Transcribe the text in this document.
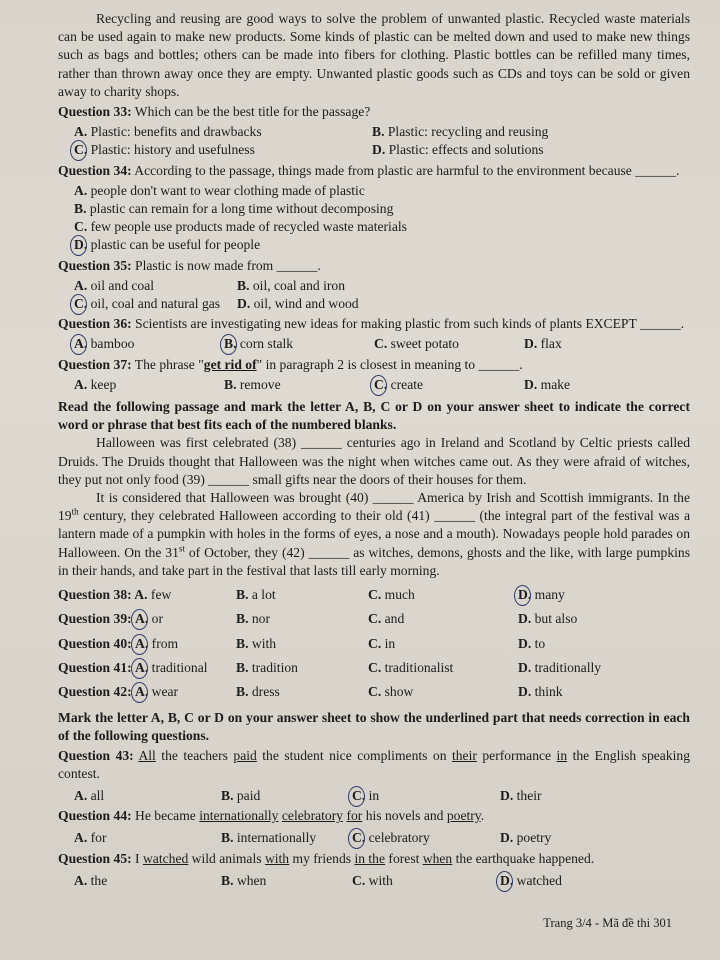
Recycling and reusing are good ways to solve the problem of unwanted plastic. Recycled waste materials can be used again to make new products. Some kinds of plastic can be melted down and used to make new things such as bags and bottles; others can be made into fibers for clothing. Plastic bottles can be refilled many times, rather than thrown away once they are empty. Unwanted plastic goods such as CDs and toys can be sold or given away to charity shops.

Question 33: Which can be the best title for the passage?

A. Plastic: benefits and drawbacks	B. Plastic: recycling and reusing
C. Plastic: history and usefulness	D. Plastic: effects and solutions

Question 34: According to the passage, things made from plastic are harmful to the environment because ______.

A. people don't want to wear clothing made of plastic
B. plastic can remain for a long time without decomposing
C. few people use products made of recycled waste materials
D. plastic can be useful for people

Question 35: Plastic is now made from ______.

A. oil and coal	B. oil, coal and iron
C. oil, coal and natural gas	D. oil, wind and wood

Question 36: Scientists are investigating new ideas for making plastic from such kinds of plants EXCEPT ______.

A. bamboo	B. corn stalk	C. sweet potato	D. flax

Question 37: The phrase "get rid of" in paragraph 2 is closest in meaning to ______.

A. keep	B. remove	C. create	D. make

Read the following passage and mark the letter A, B, C or D on your answer sheet to indicate the correct word or phrase that best fits each of the numbered blanks.

Halloween was first celebrated (38) ______ centuries ago in Ireland and Scotland by Celtic priests called Druids. The Druids thought that Halloween was the night when witches came out. As they were afraid of witches, they put not only food (39) ______ small gifts near the doors of their houses for them.

It is considered that Halloween was brought (40) ______ America by Irish and Scottish immigrants. In the 19th century, they celebrated Halloween according to their old (41) ______ (the integral part of the festival was a lantern made of a pumpkin with holes in the forms of eyes, a nose and a mouth). Nowadays people hold parades on Halloween. On the 31st of October, they (42) ______ as witches, demons, ghosts and the like, with large pumpkins in their hands, and take part in the festival that lasts till early morning.

Question 38: A. few	B. a lot	C. much	D. many
Question 39: A. or	B. nor	C. and	D. but also
Question 40: A. from	B. with	C. in	D. to
Question 41: A. traditional	B. tradition	C. traditionalist	D. traditionally
Question 42: A. wear	B. dress	C. show	D. think

Mark the letter A, B, C or D on your answer sheet to show the underlined part that needs correction in each of the following questions.

Question 43: All the teachers paid the student nice compliments on their performance in the English speaking contest.

A. all	B. paid	C. in	D. their

Question 44: He became internationally celebratory for his novels and poetry.

A. for	B. internationally	C. celebratory	D. poetry

Question 45: I watched wild animals with my friends in the forest when the earthquake happened.

A. the	B. when	C. with	D. watched
Trang 3/4 - Mã đề thi 301
